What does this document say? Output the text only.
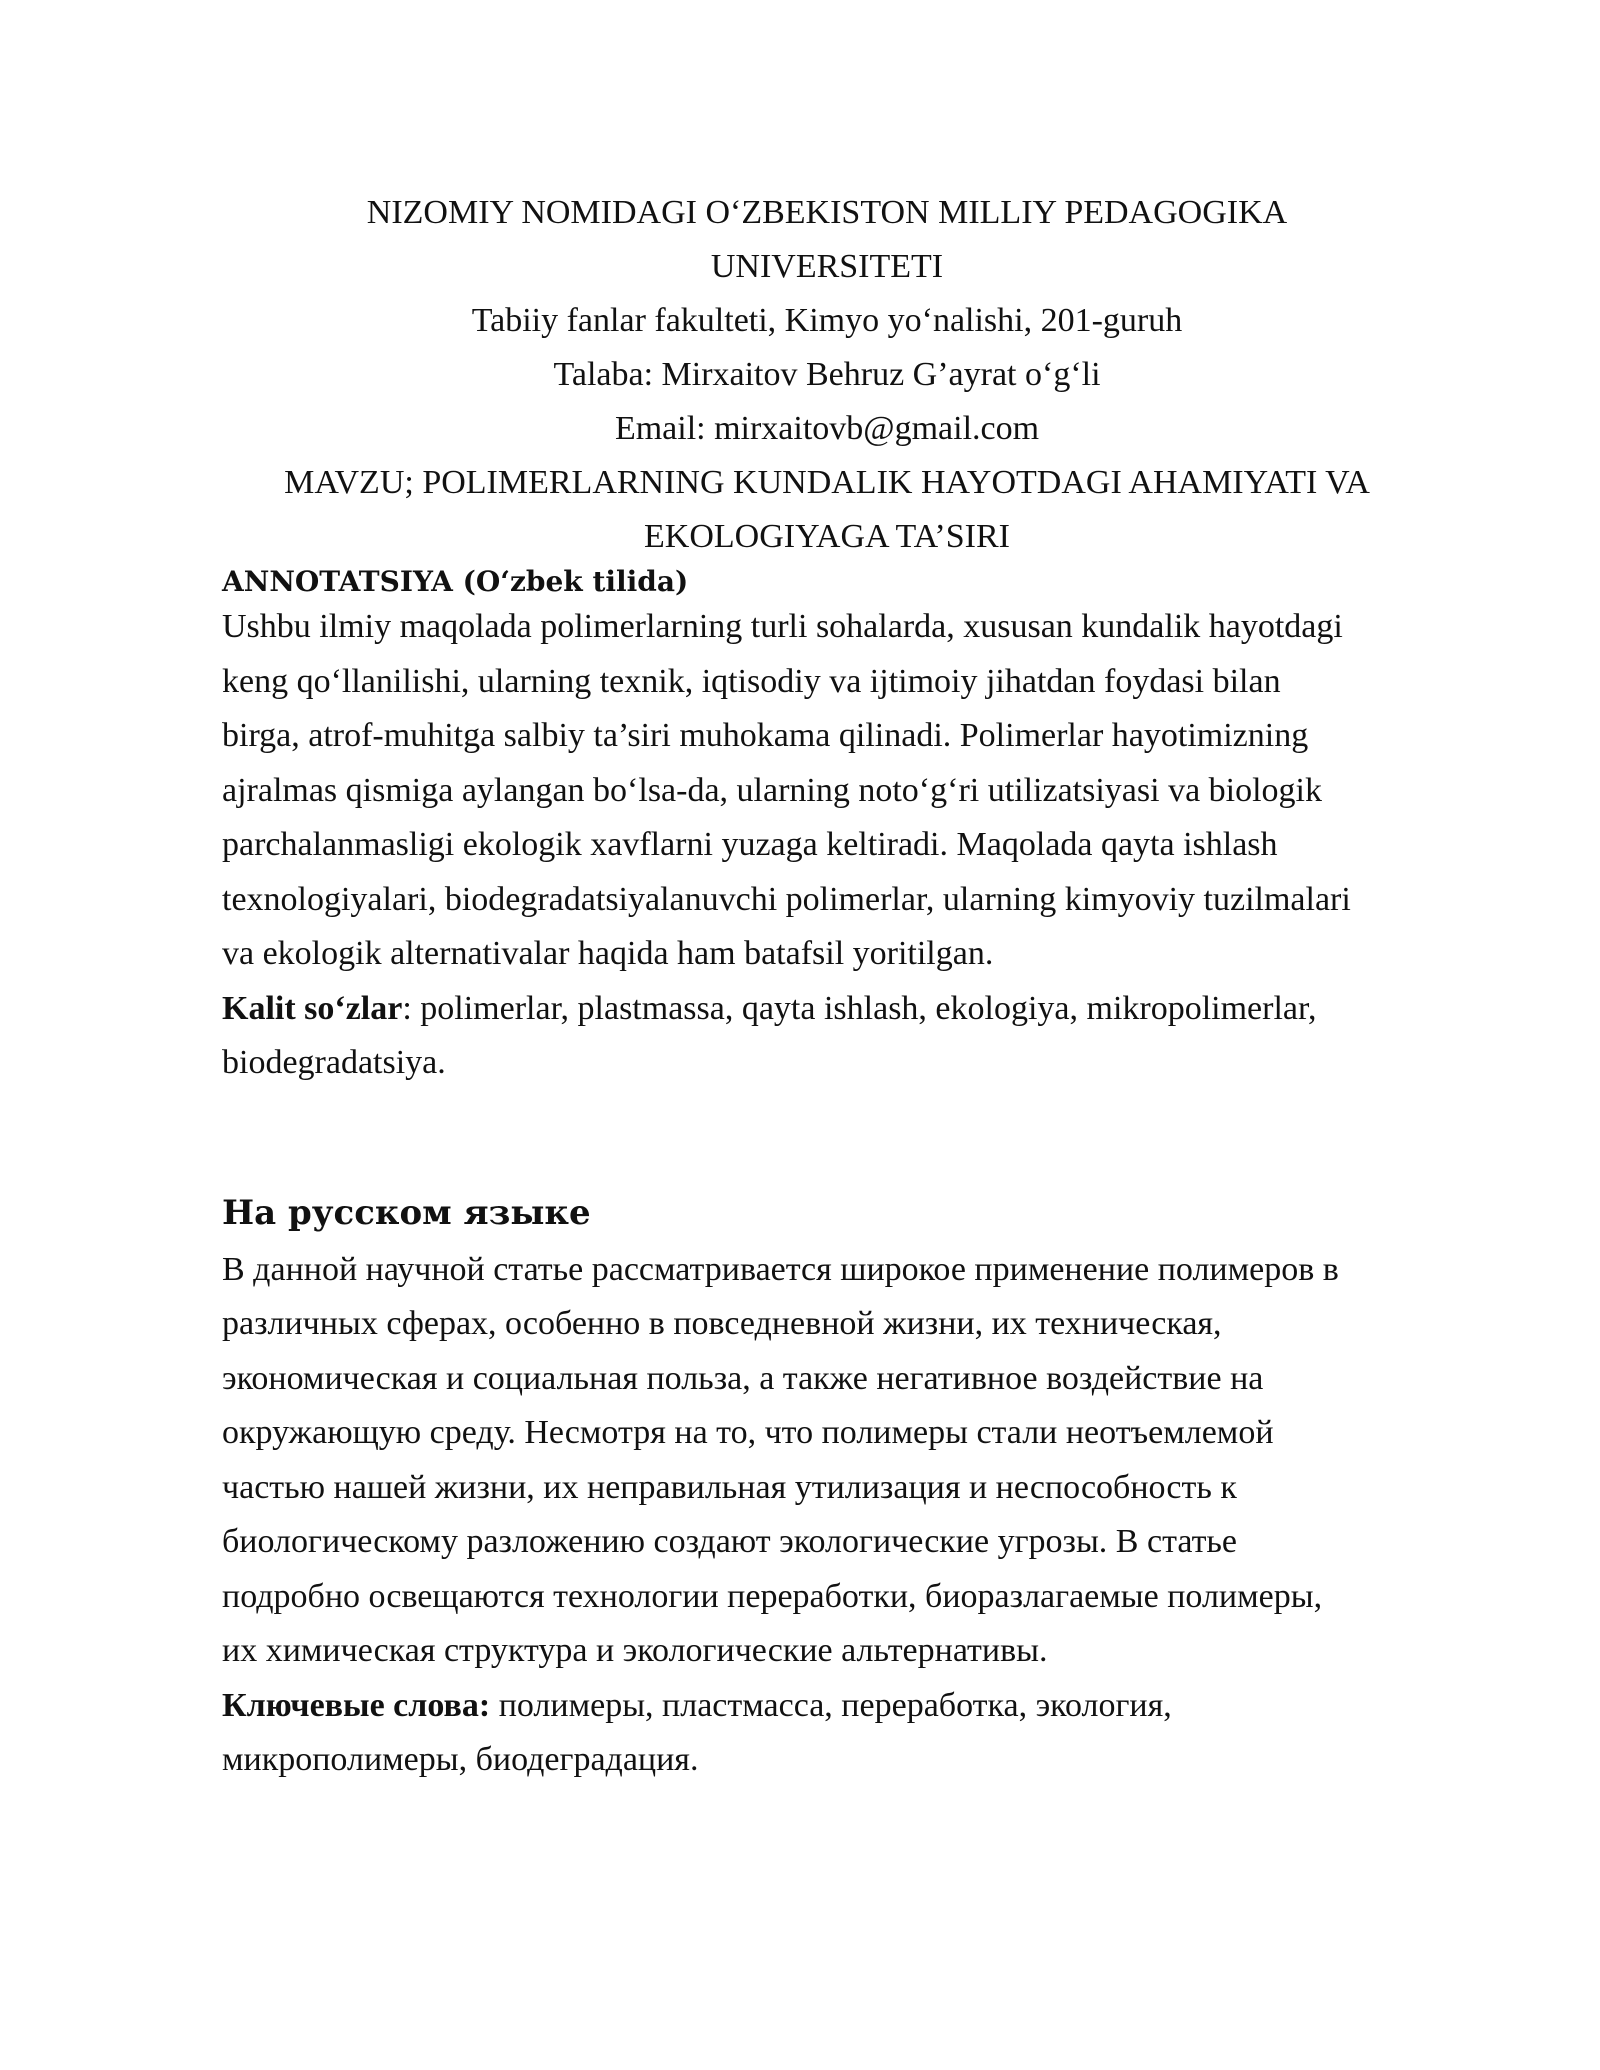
NIZOMIY NOMIDAGI O‘ZBEKISTON MILLIY PEDAGOGIKA
UNIVERSITETI
Tabiiy fanlar fakulteti, Kimyo yo‘nalishi, 201-guruh
Talaba: Mirxaitov Behruz G’ayrat o‘g‘li
Email: mirxaitovb@gmail.com
MAVZU; POLIMERLARNING KUNDALIK HAYOTDAGI AHAMIYATI VA
EKOLOGIYAGA TA’SIRI
ANNOTATSIYA (O‘zbek tilida)
Ushbu ilmiy maqolada polimerlarning turli sohalarda, xususan kundalik hayotdagi
keng qo‘llanilishi, ularning texnik, iqtisodiy va ijtimoiy jihatdan foydasi bilan
birga, atrof-muhitga salbiy ta’siri muhokama qilinadi. Polimerlar hayotimizning
ajralmas qismiga aylangan bo‘lsa-da, ularning noto‘g‘ri utilizatsiyasi va biologik
parchalanmasligi ekologik xavflarni yuzaga keltiradi. Maqolada qayta ishlash
texnologiyalari, biodegradatsiyalanuvchi polimerlar, ularning kimyoviy tuzilmalari
va ekologik alternativalar haqida ham batafsil yoritilgan.
Kalit so‘zlar: polimerlar, plastmassa, qayta ishlash, ekologiya, mikropolimerlar,
biodegradatsiya.
На русском языке
В данной научной статье рассматривается широкое применение полимеров в
различных сферах, особенно в повседневной жизни, их техническая,
экономическая и социальная польза, а также негативное воздействие на
окружающую среду. Несмотря на то, что полимеры стали неотъемлемой
частью нашей жизни, их неправильная утилизация и неспособность к
биологическому разложению создают экологические угрозы. В статье
подробно освещаются технологии переработки, биоразлагаемые полимеры,
их химическая структура и экологические альтернативы.
Ключевые слова: полимеры, пластмасса, переработка, экология,
микрополимеры, биодеградация.
